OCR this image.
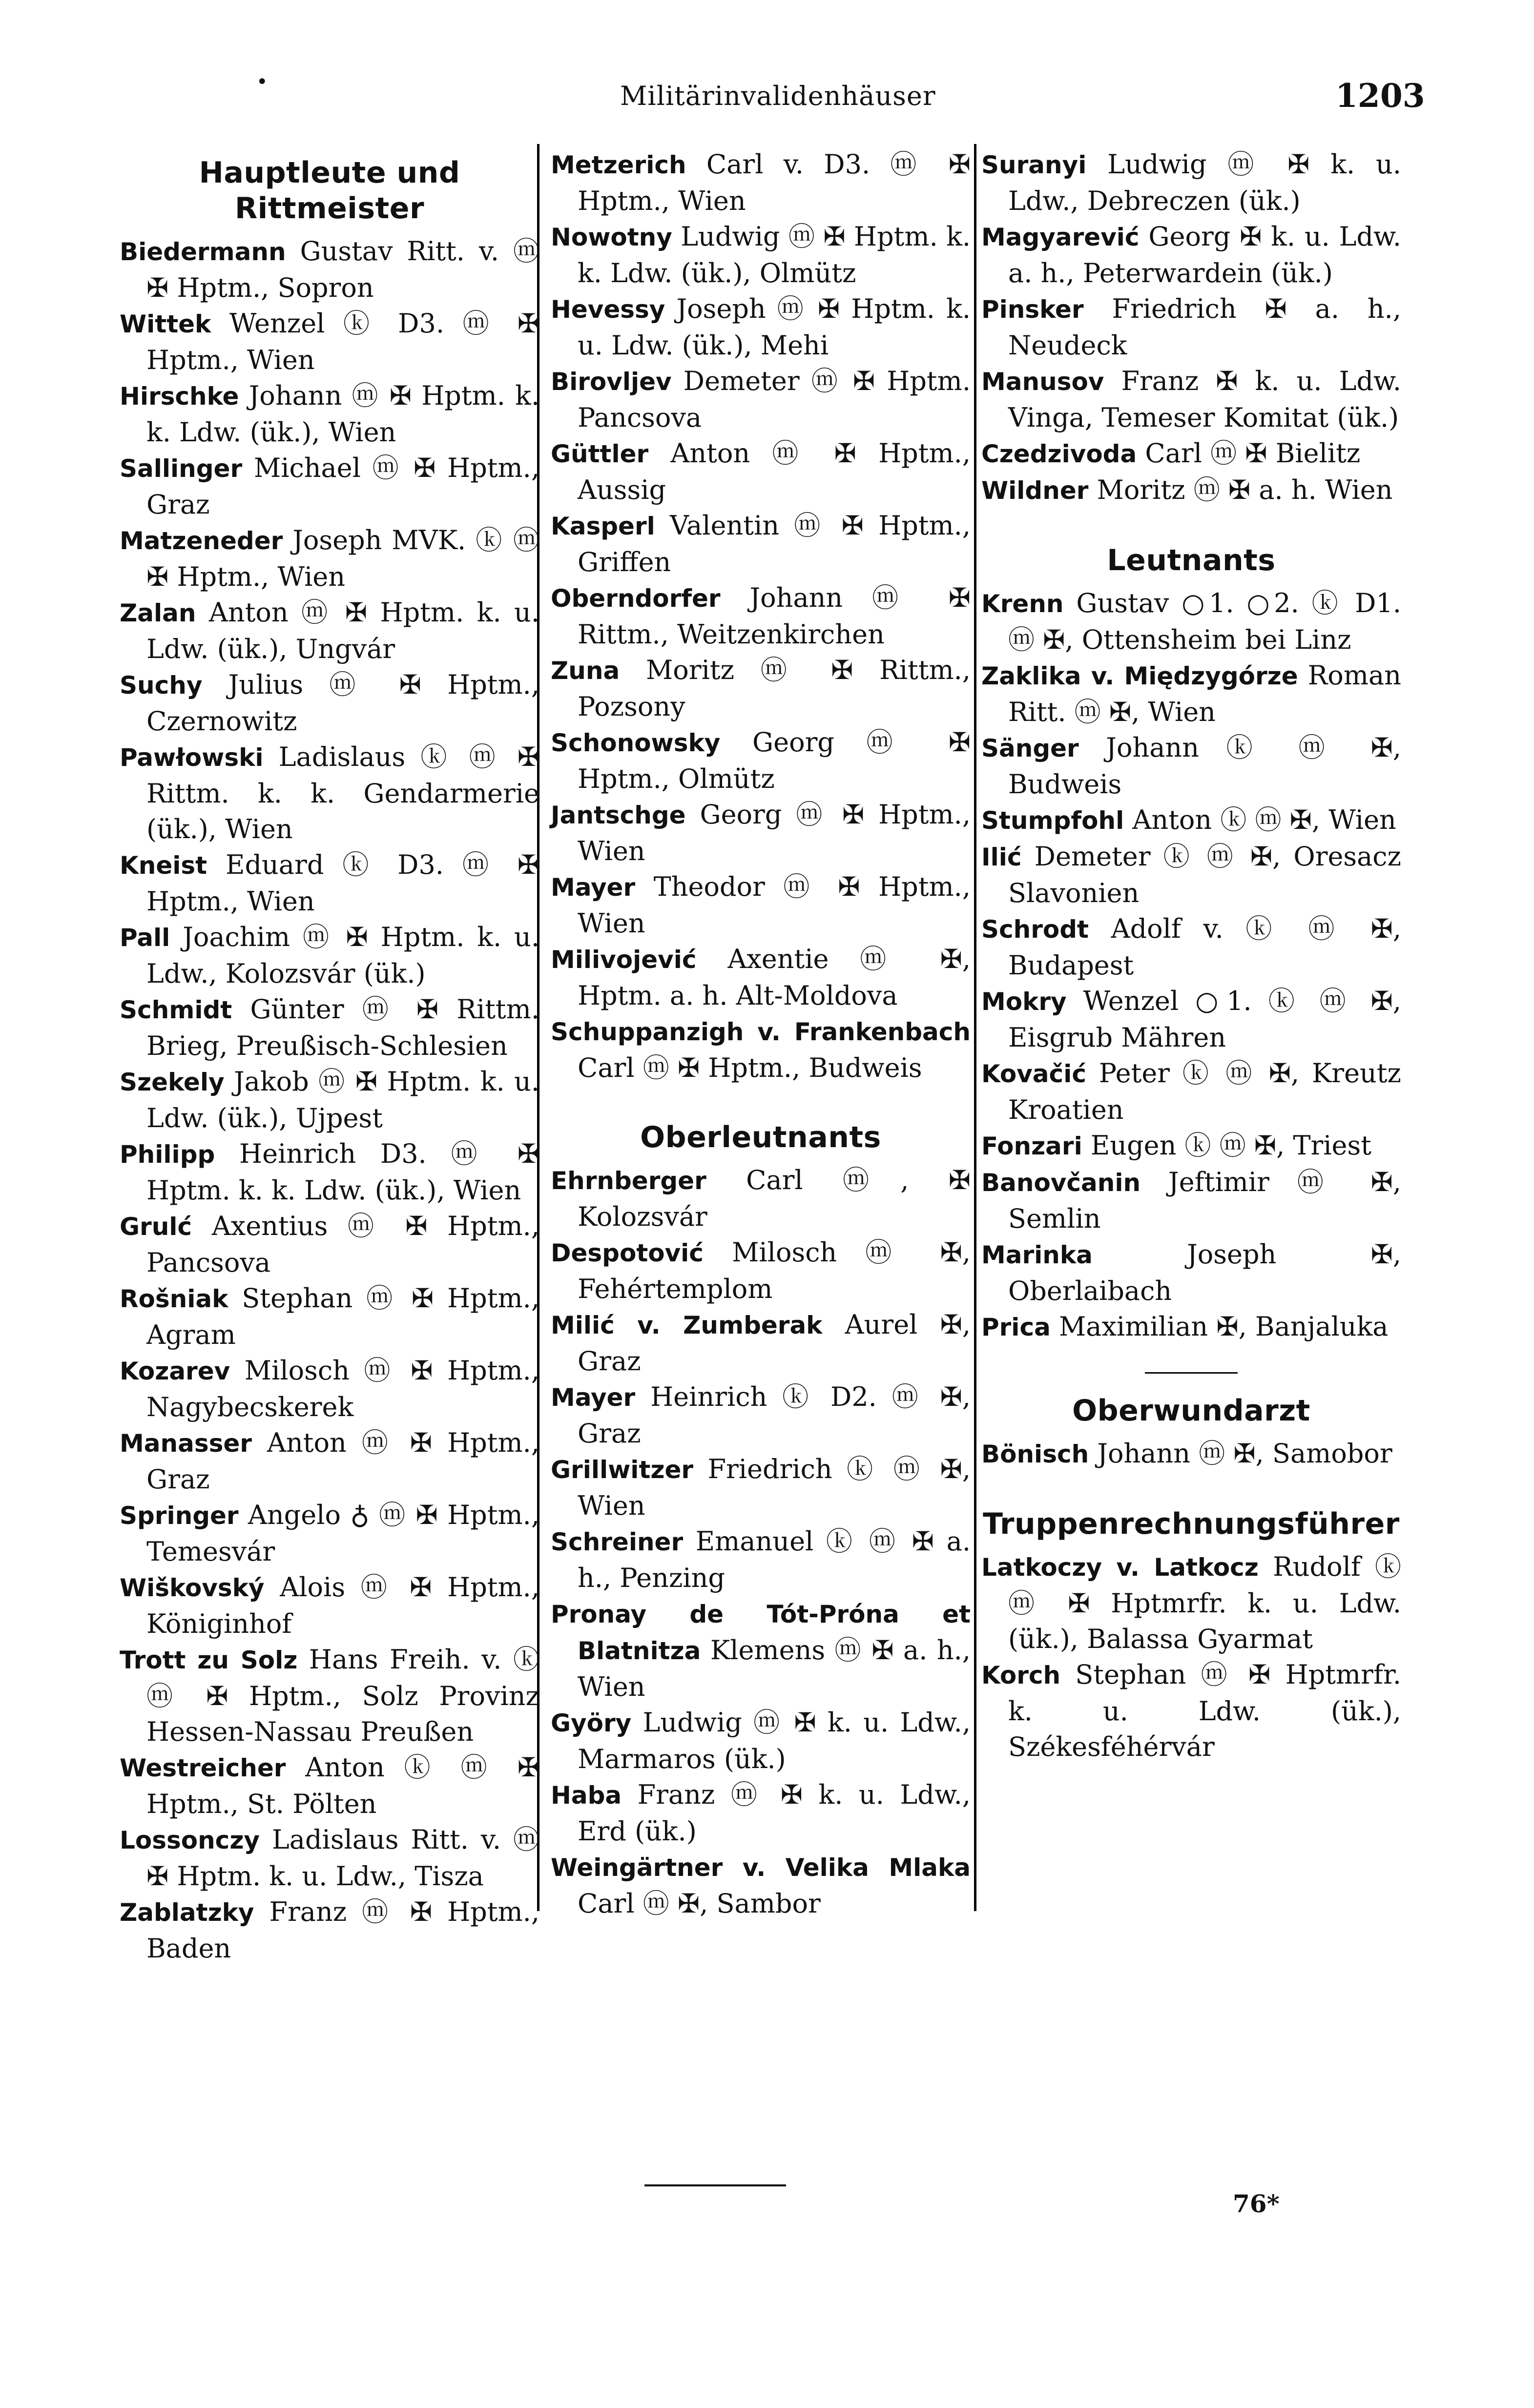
•	Militärinvalidenhäuser	1203
Hauptleute und Rittmeister

Biedermann Gustav Ritt. v. ⓜ ✠ Hptm., Sopron

Wittek Wenzel ⓚ D3. ⓜ ✠ Hptm., Wien

Hirschke Johann ⓜ ✠ Hptm. k. k. Ldw. (ük.), Wien

Sallinger Michael ⓜ ✠ Hptm., Graz

Matzeneder Joseph MVK. ⓚ ⓜ ✠ Hptm., Wien

Zalan Anton ⓜ ✠ Hptm. k. u. Ldw. (ük.), Ungvár

Suchy Julius ⓜ ✠ Hptm., Czernowitz

Pawłowski Ladislaus ⓚ ⓜ ✠ Rittm. k. k. Gendarmerie (ük.), Wien

Kneist Eduard ⓚ D3. ⓜ ✠ Hptm., Wien

Pall Joachim ⓜ ✠ Hptm. k. u. Ldw., Kolozsvár (ük.)

Schmidt Günter ⓜ ✠ Rittm. Brieg, Preußisch-Schlesien

Szekely Jakob ⓜ ✠ Hptm. k. u. Ldw. (ük.), Ujpest

Philipp Heinrich D3. ⓜ ✠ Hptm. k. k. Ldw. (ük.), Wien

Grulć Axentius ⓜ ✠ Hptm., Pancsova

Rošniak Stephan ⓜ ✠ Hptm., Agram

Kozarev Milosch ⓜ ✠ Hptm., Nagybecskerek

Manasser Anton ⓜ ✠ Hptm., Graz

Springer Angelo ♁ ⓜ ✠ Hptm., Temesvár

Wiškovský Alois ⓜ ✠ Hptm., Königinhof

Trott zu Solz Hans Freih. v. ⓚ ⓜ ✠ Hptm., Solz Provinz Hessen-Nassau Preußen

Westreicher Anton ⓚ ⓜ ✠ Hptm., St. Pölten

Lossonczy Ladislaus Ritt. v. ⓜ ✠ Hptm. k. u. Ldw., Tisza

Zablatzky Franz ⓜ ✠ Hptm., Baden

Metzerich Carl v. D3. ⓜ ✠ Hptm., Wien

Nowotny Ludwig ⓜ ✠ Hptm. k. k. Ldw. (ük.), Olmütz

Hevessy Joseph ⓜ ✠ Hptm. k. u. Ldw. (ük.), Mehi

Birovljev Demeter ⓜ ✠ Hptm. Pancsova

Güttler Anton ⓜ ✠ Hptm., Aussig

Kasperl Valentin ⓜ ✠ Hptm., Griffen

Oberndorfer Johann ⓜ ✠ Rittm., Weitzenkirchen

Zuna Moritz ⓜ ✠ Rittm., Pozsony

Schonowsky Georg ⓜ ✠ Hptm., Olmütz

Jantschge Georg ⓜ ✠ Hptm., Wien

Mayer Theodor ⓜ ✠ Hptm., Wien

Milivojević Axentie ⓜ ✠, Hptm. a. h. Alt-Moldova

Schuppanzigh v. Frankenbach Carl ⓜ ✠ Hptm., Budweis

Oberleutnants

Ehrnberger Carl ⓜ, ✠ Kolozsvár

Despotović Milosch ⓜ ✠, Fehértemplom

Milić v. Zumberak Aurel ✠, Graz

Mayer Heinrich ⓚ D2. ⓜ ✠, Graz

Grillwitzer Friedrich ⓚ ⓜ ✠, Wien

Schreiner Emanuel ⓚ ⓜ ✠ a. h., Penzing

Pronay de Tót-Próna et Blatnitza Klemens ⓜ ✠ a. h., Wien

Györy Ludwig ⓜ ✠ k. u. Ldw., Marmaros (ük.)

Haba Franz ⓜ ✠ k. u. Ldw., Erd (ük.)

Weingärtner v. Velika Mlaka Carl ⓜ ✠, Sambor

Suranyi Ludwig ⓜ ✠ k. u. Ldw., Debreczen (ük.)

Magyarević Georg ✠ k. u. Ldw. a. h., Peterwardein (ük.)

Pinsker Friedrich ✠ a. h., Neudeck

Manusov Franz ✠ k. u. Ldw. Vinga, Temeser Komitat (ük.)

Czedzivoda Carl ⓜ ✠ Bielitz

Wildner Moritz ⓜ ✠ a. h. Wien

Leutnants

Krenn Gustav ○1. ○2. ⓚ D1. ⓜ ✠, Ottensheim bei Linz

Zaklika v. Międzygórze Roman Ritt. ⓜ ✠, Wien

Sänger Johann ⓚ ⓜ ✠, Budweis

Stumpfohl Anton ⓚ ⓜ ✠, Wien

Ilić Demeter ⓚ ⓜ ✠, Oresacz Slavonien

Schrodt Adolf v. ⓚ ⓜ ✠, Budapest

Mokry Wenzel ○1. ⓚ ⓜ ✠, Eisgrub Mähren

Kovačić Peter ⓚ ⓜ ✠, Kreutz Kroatien

Fonzari Eugen ⓚ ⓜ ✠, Triest

Banovčanin Jeftimir ⓜ ✠, Semlin

Marinka Joseph ✠, Oberlaibach

Prica Maximilian ✠, Banjaluka

Oberwundarzt

Bönisch Johann ⓜ ✠, Samobor

Truppenrechnungsführer

Latkoczy v. Latkocz Rudolf ⓚ ⓜ ✠ Hptmrfr. k. u. Ldw. (ük.), Balassa Gyarmat

Korch Stephan ⓜ ✠ Hptmrfr. k. u. Ldw. (ük.), Székesféhérvár

76*
